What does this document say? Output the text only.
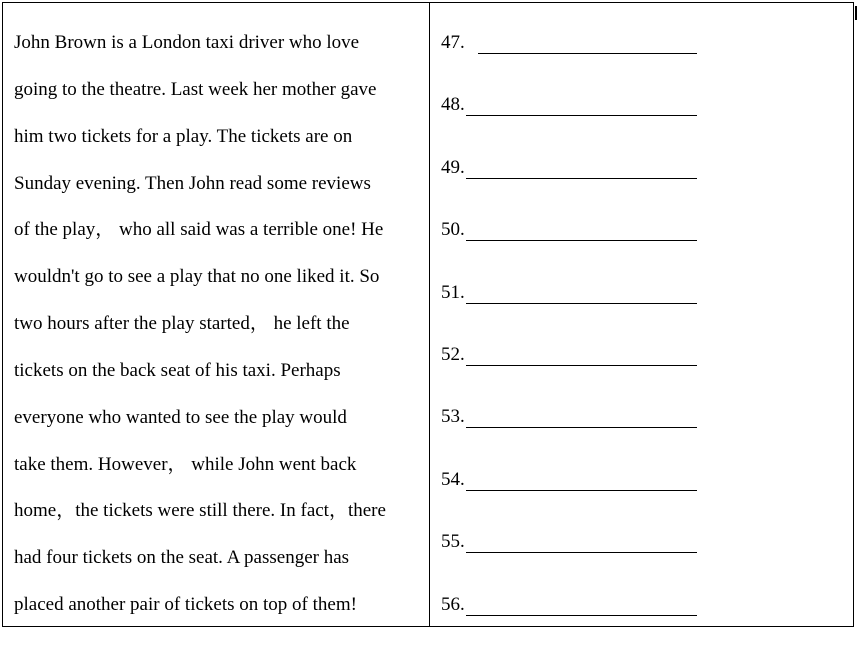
John Brown is a London taxi driver who love
going to the theatre. Last week her mother gave
him two tickets for a play. The tickets are on
Sunday evening. Then John read some reviews
of the play， who all said was a terrible one! He
wouldn't go to see a play that no one liked it. So
two hours after the play started， he left the
tickets on the back seat of his taxi. Perhaps
everyone who wanted to see the play would
take them. However， while John went back
home，the tickets were still there. In fact，there
had four tickets on the seat. A passenger has
placed another pair of tickets on top of them!
47.
48.
49.
50.
51.
52.
53.
54.
55.
56.
